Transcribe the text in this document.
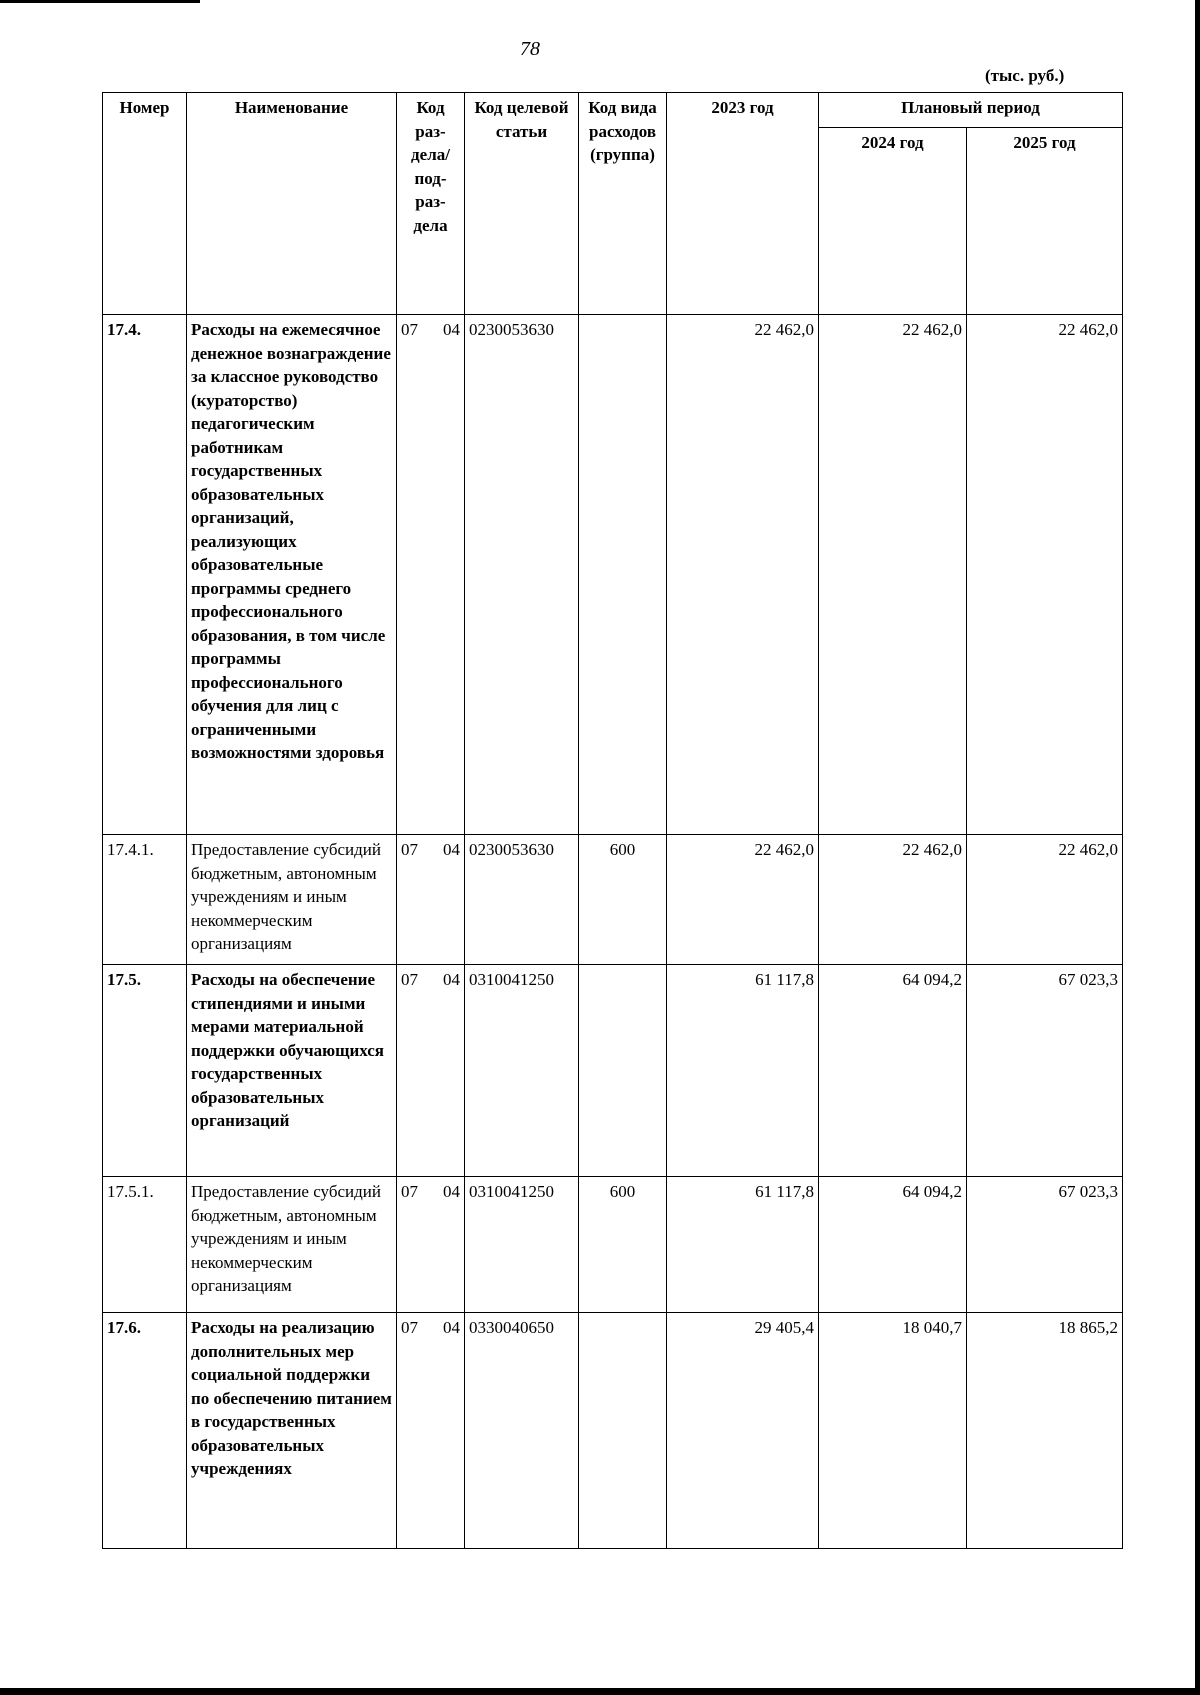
78
(тыс. руб.)
Номер	Наименование	Код раз-дела/ под-раз-дела	Код целевой статьи	Код вида расходов (группа)	2023 год	Плановый период	
						2024 год	2025 год
17.4.	Расходы на ежемесячное денежное вознаграждение за классное руководство (кураторство) педагогическим работникам государственных образовательных организаций, реализующих образовательные программы среднего профессионального образования, в том числе программы профессионального обучения для лиц с ограниченными возможностями здоровья	07 04	0230053630		22 462,0	22 462,0	22 462,0
17.4.1.	Предоставление субсидий бюджетным, автономным учреждениям и иным некоммерческим организациям	07 04	0230053630	600	22 462,0	22 462,0	22 462,0
17.5.	Расходы на обеспечение стипендиями и иными мерами материальной поддержки обучающихся государственных образовательных организаций	07 04	0310041250		61 117,8	64 094,2	67 023,3
17.5.1.	Предоставление субсидий бюджетным, автономным учреждениям и иным некоммерческим организациям	07 04	0310041250	600	61 117,8	64 094,2	67 023,3
17.6.	Расходы на реализацию дополнительных мер социальной поддержки по обеспечению питанием в государственных образовательных учреждениях	07 04	0330040650		29 405,4	18 040,7	18 865,2
